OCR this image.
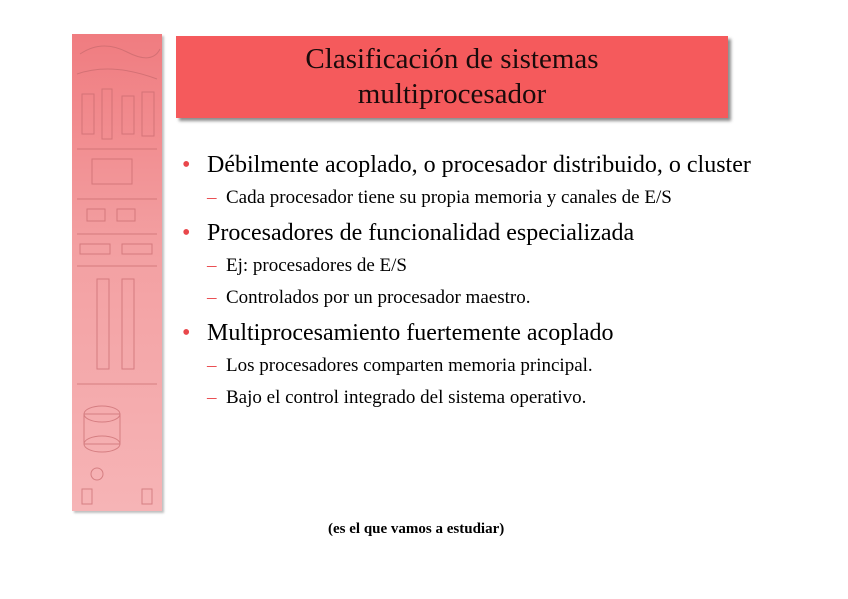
Clasificación de sistemas
multiprocesador
• Débilmente acoplado, o procesador distribuido, o cluster
– Cada procesador tiene su propia memoria y canales de E/S
• Procesadores de funcionalidad especializada
– Ej: procesadores de E/S
– Controlados por un procesador maestro.
• Multiprocesamiento fuertemente acoplado
– Los procesadores comparten memoria principal.
– Bajo el control integrado del sistema operativo.
(es el que vamos a estudiar)
